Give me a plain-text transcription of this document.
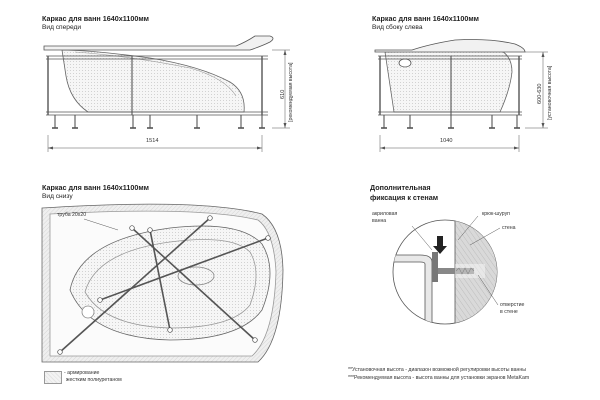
Каркас для ванн 1640х1100мм
Вид спереди
1514
610 [рекомендуемая высота]
Каркас для ванн 1640х1100мм
Вид сбоку слева
1040
600-630 [установочная высота]
Каркас для ванн 1640х1100мм
Вид снизу
труба 20х20
Дополнительная
фиксация к стенам
акриловая
ванна
крюк-шуруп
стена
отверстие
в стене
- армирование
жестким полиуретаном
**Установочная высота - диапазон возможной регулировки высоты ванны
***Рекомендуемая высота - высота ванны для установки экранов MetaKam
